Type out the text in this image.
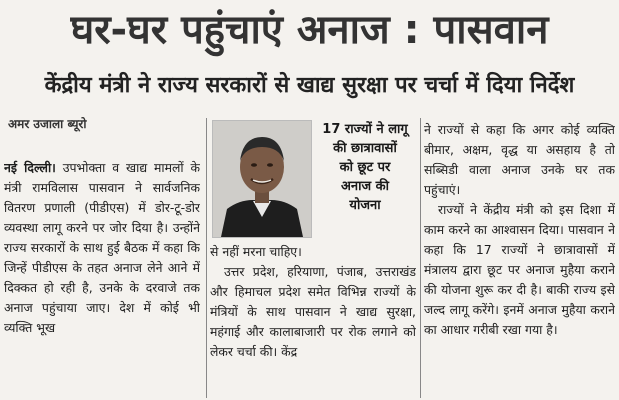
घर-घर पहुंचाएं अनाज : पासवान
केंद्रीय मंत्री ने राज्य सरकारों से खाद्य सुरक्षा पर चर्चा में दिया निर्देश
अमर उजाला ब्यूरो

नई दिल्ली। उपभोक्ता व खाद्य मामलों के मंत्री रामविलास पासवान ने सार्वजनिक वितरण प्रणाली (पीडीएस) में डोर-टू-डोर व्यवस्था लागू करने पर जोर दिया है। उन्होंने राज्य सरकारों के साथ हुई बैठक में कहा कि जिन्हें पीडीएस के तहत अनाज लेने आने में दिक्कत हो रही है, उनके के दरवाजे तक अनाज पहुंचाया जाए। देश में कोई भी व्यक्ति भूख

17 राज्यों ने लागू
की छात्रावासों
को छूट पर
अनाज की
योजना

से नहीं मरना चाहिए।

उत्तर प्रदेश, हरियाणा, पंजाब, उत्तराखंड और हिमाचल प्रदेश समेत विभिन्न राज्यों के मंत्रियों के साथ पासवान ने खाद्य सुरक्षा, महंगाई और कालाबाजारी पर रोक लगाने को लेकर चर्चा की। केंद्र

ने राज्यों से कहा कि अगर कोई व्यक्ति बीमार, अक्षम, वृद्ध या असहाय है तो सब्सिडी वाला अनाज उनके घर तक पहुंचाएं।

राज्यों ने केंद्रीय मंत्री को इस दिशा में काम करने का आश्वासन दिया। पासवान ने कहा कि 17 राज्यों ने छात्रावासों में मंत्रालय द्वारा छूट पर अनाज मुहैया कराने की योजना शुरू कर दी है। बाकी राज्य इसे जल्द लागू करेंगे। इनमें अनाज मुहैया कराने का आधार गरीबी रखा गया है।
